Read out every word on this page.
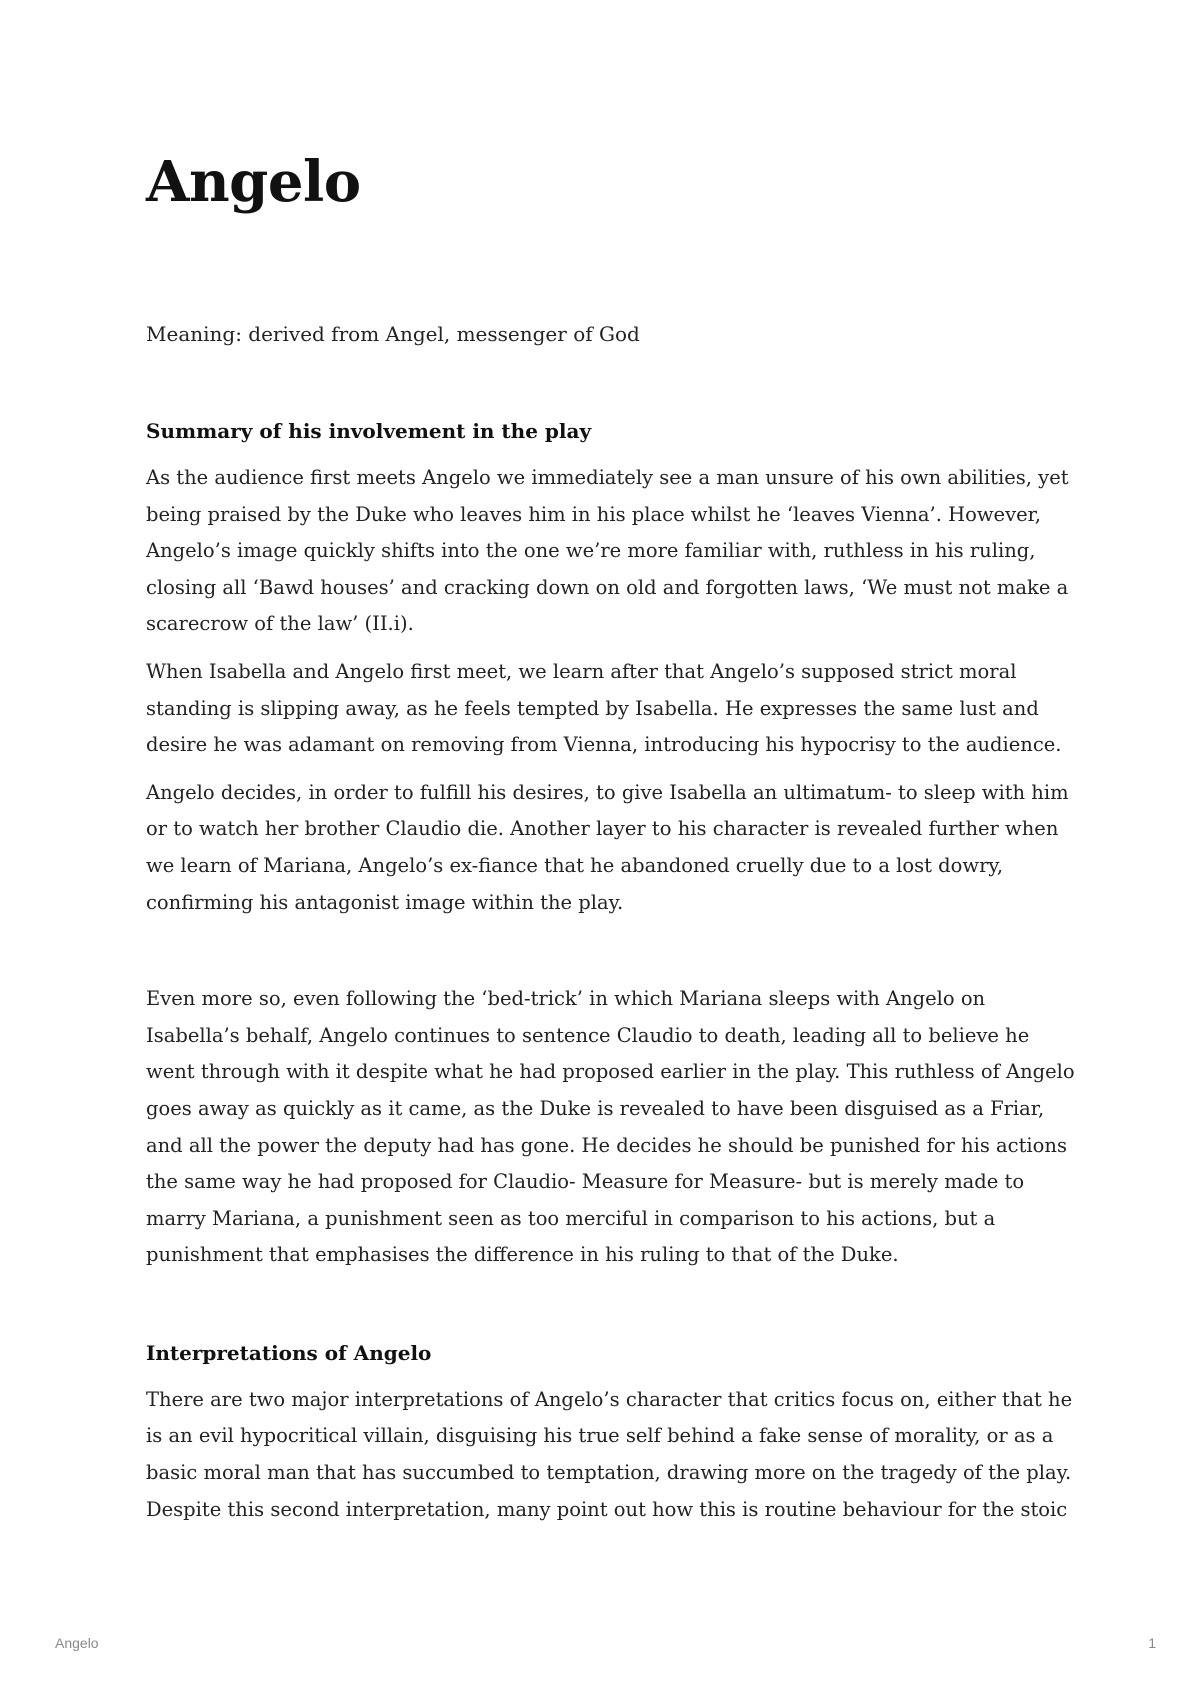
Angelo

Meaning: derived from Angel, messenger of God

Summary of his involvement in the play

As the audience first meets Angelo we immediately see a man unsure of his own abilities, yet being praised by the Duke who leaves him in his place whilst he ‘leaves Vienna’. However, Angelo’s image quickly shifts into the one we’re more familiar with, ruthless in his ruling, closing all ‘Bawd houses’ and cracking down on old and forgotten laws, ‘We must not make a scarecrow of the law’ (II.i).

When Isabella and Angelo first meet, we learn after that Angelo’s supposed strict moral standing is slipping away, as he feels tempted by Isabella. He expresses the same lust and desire he was adamant on removing from Vienna, introducing his hypocrisy to the audience.

Angelo decides, in order to fulfill his desires, to give Isabella an ultimatum- to sleep with him or to watch her brother Claudio die. Another layer to his character is revealed further when we learn of Mariana, Angelo’s ex-fiance that he abandoned cruelly due to a lost dowry, confirming his antagonist image within the play.

Even more so, even following the ‘bed-trick’ in which Mariana sleeps with Angelo on Isabella’s behalf, Angelo continues to sentence Claudio to death, leading all to believe he went through with it despite what he had proposed earlier in the play. This ruthless of Angelo goes away as quickly as it came, as the Duke is revealed to have been disguised as a Friar, and all the power the deputy had has gone. He decides he should be punished for his actions the same way he had proposed for Claudio- Measure for Measure- but is merely made to marry Mariana, a punishment seen as too merciful in comparison to his actions, but a punishment that emphasises the difference in his ruling to that of the Duke.

Interpretations of Angelo

There are two major interpretations of Angelo’s character that critics focus on, either that he is an evil hypocritical villain, disguising his true self behind a fake sense of morality, or as a basic moral man that has succumbed to temptation, drawing more on the tragedy of the play. Despite this second interpretation, many point out how this is routine behaviour for the stoic

Angelo	1
